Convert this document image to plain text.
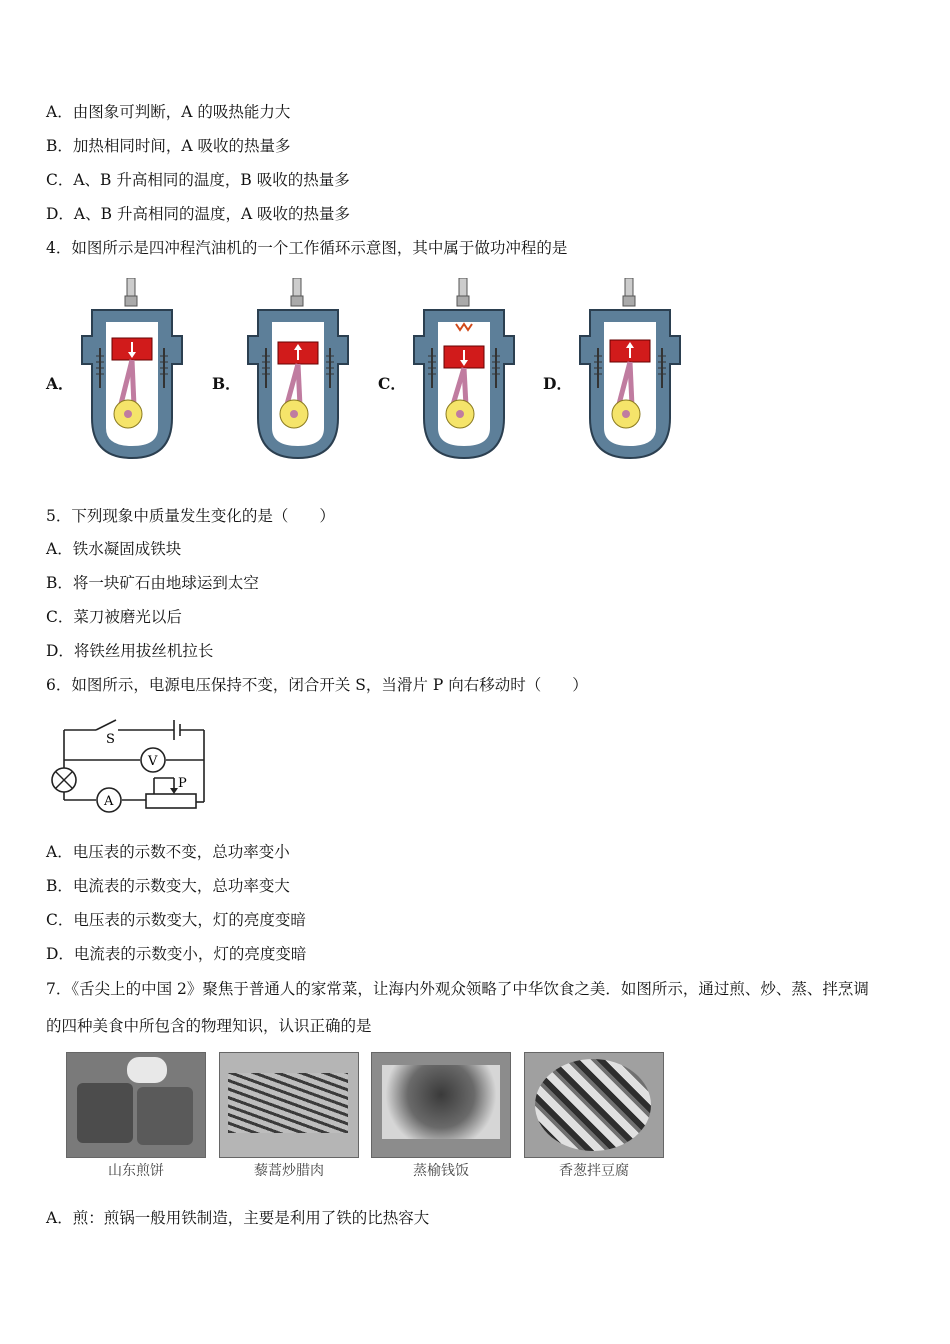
A．由图象可判断，A 的吸热能力大
B．加热相同时间，A 吸收的热量多
C．A、B 升高相同的温度，B 吸收的热量多
D．A、B 升高相同的温度，A 吸收的热量多
4．如图所示是四冲程汽油机的一个工作循环示意图，其中属于做功冲程的是
A．	B．	C．	D．
5．下列现象中质量发生变化的是（　　）
A．铁水凝固成铁块
B．将一块矿石由地球运到太空
C．菜刀被磨光以后
D．将铁丝用拔丝机拉长
6．如图所示，电源电压保持不变，闭合开关 S，当滑片 P 向右移动时（　　）
S
V
A
P
A．电压表的示数不变，总功率变小
B．电流表的示数变大，总功率变大
C．电压表的示数变大，灯的亮度变暗
D．电流表的示数变小，灯的亮度变暗
7．《舌尖上的中国 2》聚焦于普通人的家常菜，让海内外观众领略了中华饮食之美．如图所示，通过煎、炒、蒸、拌烹调
的四种美食中所包含的物理知识，认识正确的是
山东煎饼	藜蒿炒腊肉	蒸榆钱饭	香葱拌豆腐
A．煎：煎锅一般用铁制造，主要是利用了铁的比热容大
